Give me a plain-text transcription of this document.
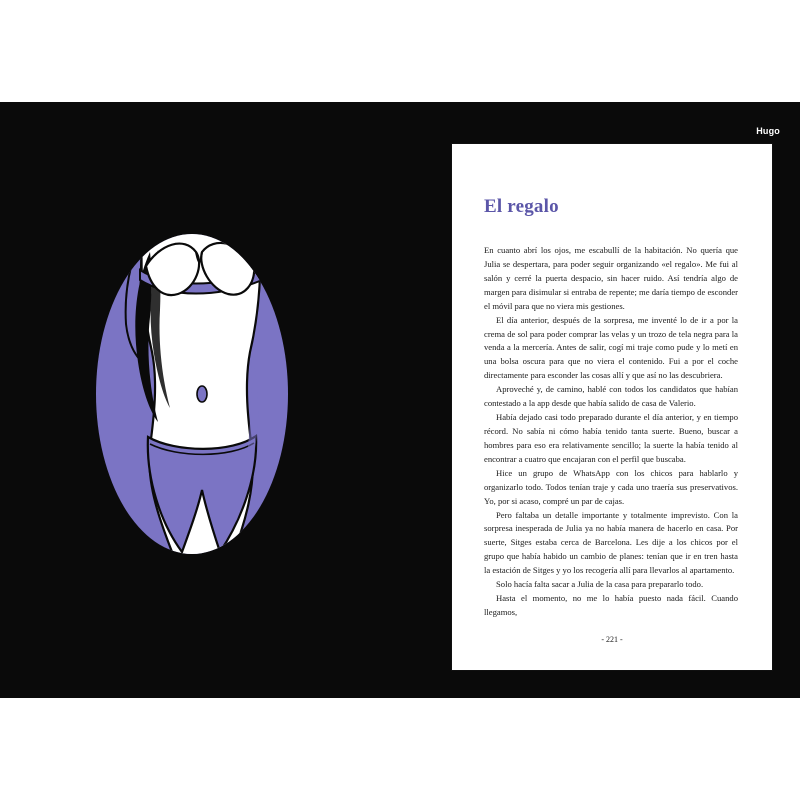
Hugo
El regalo

En cuanto abrí los ojos, me escabullí de la habitación. No quería que Julia se despertara, para poder seguir organizando «el regalo». Me fui al salón y cerré la puerta despacio, sin hacer ruido. Así tendría algo de margen para disimular si entraba de repente; me daría tiempo de esconder el móvil para que no viera mis gestiones.

El día anterior, después de la sorpresa, me inventé lo de ir a por la crema de sol para poder comprar las velas y un trozo de tela negra para la venda a la mercería. Antes de salir, cogí mi traje como pude y lo metí en una bolsa oscura para que no viera el contenido. Fui a por el coche directamente para esconder las cosas allí y que así no las descubriera.

Aproveché y, de camino, hablé con todos los candidatos que habían contestado a la app desde que había salido de casa de Valerio.

Había dejado casi todo preparado durante el día anterior, y en tiempo récord. No sabía ni cómo había tenido tanta suerte. Bueno, buscar a hombres para eso era relativamente sencillo; la suerte la había tenido al encontrar a cuatro que encajaran con el perfil que buscaba.

Hice un grupo de WhatsApp con los chicos para hablarlo y organizarlo todo. Todos tenían traje y cada uno traería sus preservativos. Yo, por si acaso, compré un par de cajas.

Pero faltaba un detalle importante y totalmente imprevisto. Con la sorpresa inesperada de Julia ya no había manera de hacerlo en casa. Por suerte, Sitges estaba cerca de Barcelona. Les dije a los chicos por el grupo que había habido un cambio de planes: tenían que ir en tren hasta la estación de Sitges y yo los recogería allí para llevarlos al apartamento.

Solo hacía falta sacar a Julia de la casa para prepararlo todo.

Hasta el momento, no me lo había puesto nada fácil. Cuando llegamos,

- 221 -
